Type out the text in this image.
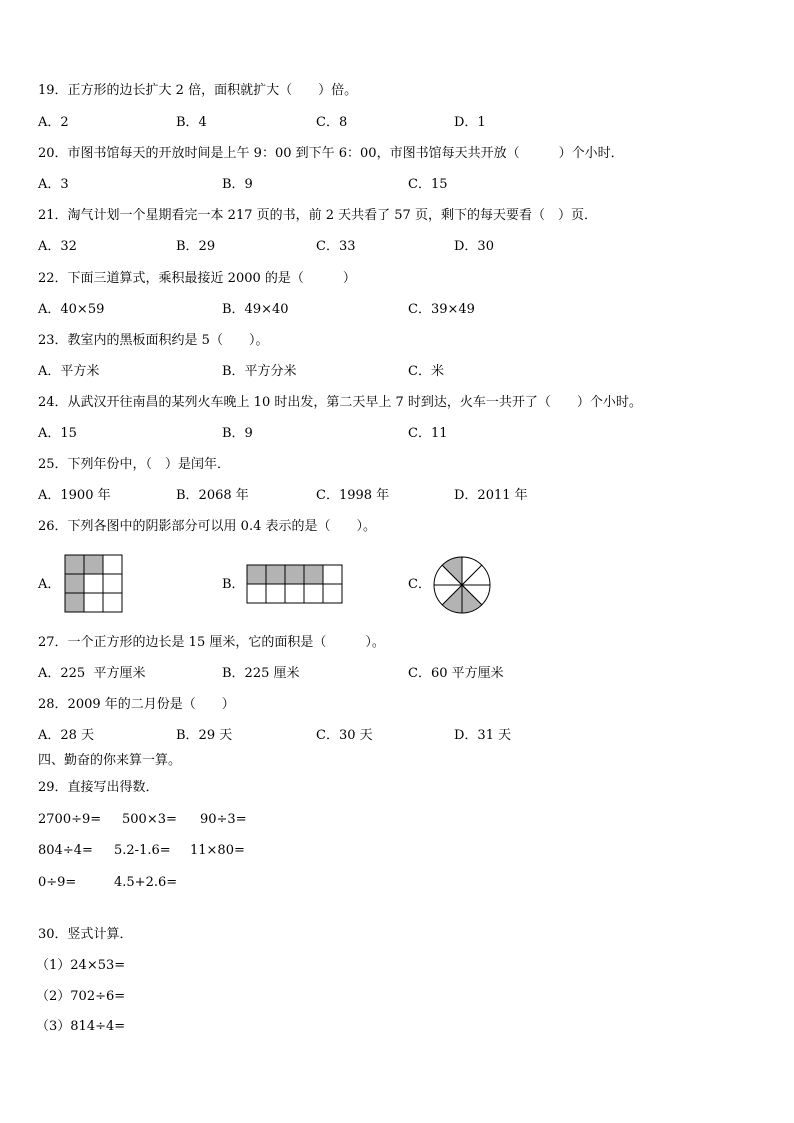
19．正方形的边长扩大 2 倍，面积就扩大（　　）倍。
A．2	B．4	C．8	D．1
20．市图书馆每天的开放时间是上午 9：00 到下午 6：00，市图书馆每天共开放（　　　）个小时．
A．3	B．9	C．15
21．淘气计划一个星期看完一本 217 页的书，前 2 天共看了 57 页，剩下的每天要看（　）页．
A．32	B．29	C．33	D．30
22．下面三道算式，乘积最接近 2000 的是（　　　）
A．40×59	B．49×40	C．39×49
23．教室内的黑板面积约是 5（　　）。
A．平方米	B．平方分米	C．米
24．从武汉开往南昌的某列火车晚上 10 时出发，第二天早上 7 时到达，火车一共开了（　　）个小时。
A．15	B．9	C．11
25．下列年份中，（　）是闰年．
A．1900 年	B．2068 年	C．1998 年	D．2011 年
26．下列各图中的阴影部分可以用 0.4 表示的是（　　）。
A．	B．	C．
27．一个正方形的边长是 15 厘米，它的面积是（　　　）。
A．225  平方厘米	B．225 厘米	C．60 平方厘米
28．2009 年的二月份是（　　）
A．28 天	B．29 天	C．30 天	D．31 天
四、勤奋的你来算一算。
29．直接写出得数．
2700÷9= 500×3= 90÷3=
804÷4= 5.2-1.6= 11×80=
0÷9=	4.5+2.6=
30．竖式计算．
（1）24×53=
（2）702÷6=
（3）814÷4=
